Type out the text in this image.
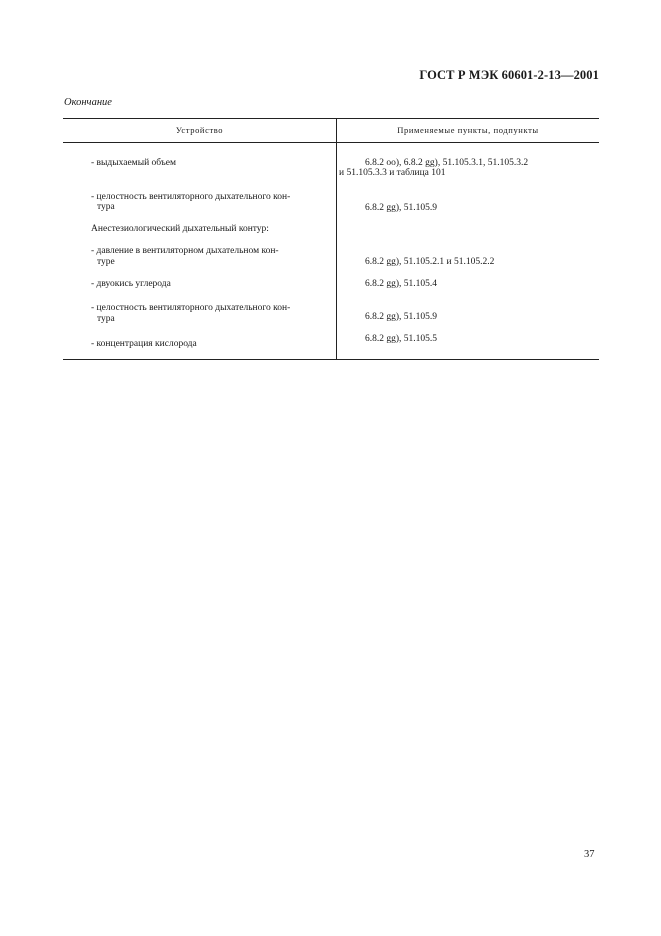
ГОСТ Р МЭК 60601-2-13—2001
Окончание
Устройство	Применяемые пункты, подпункты
- выдыхаемый объем	6.8.2 oo), 6.8.2 gg), 51.105.3.1, 51.105.3.2
и 51.105.3.3 и таблица 101
- целостность вентиляторного дыхательного кон-
тура	6.8.2 gg), 51.105.9
Анестезиологический дыхательный контур:
- давление в вентиляторном дыхательном кон-
туре	6.8.2 gg), 51.105.2.1 и 51.105.2.2
- двуокись углерода	6.8.2 gg), 51.105.4
- целостность вентиляторного дыхательного кон-
тура	6.8.2 gg), 51.105.9
- концентрация кислорода	6.8.2 gg), 51.105.5
37
